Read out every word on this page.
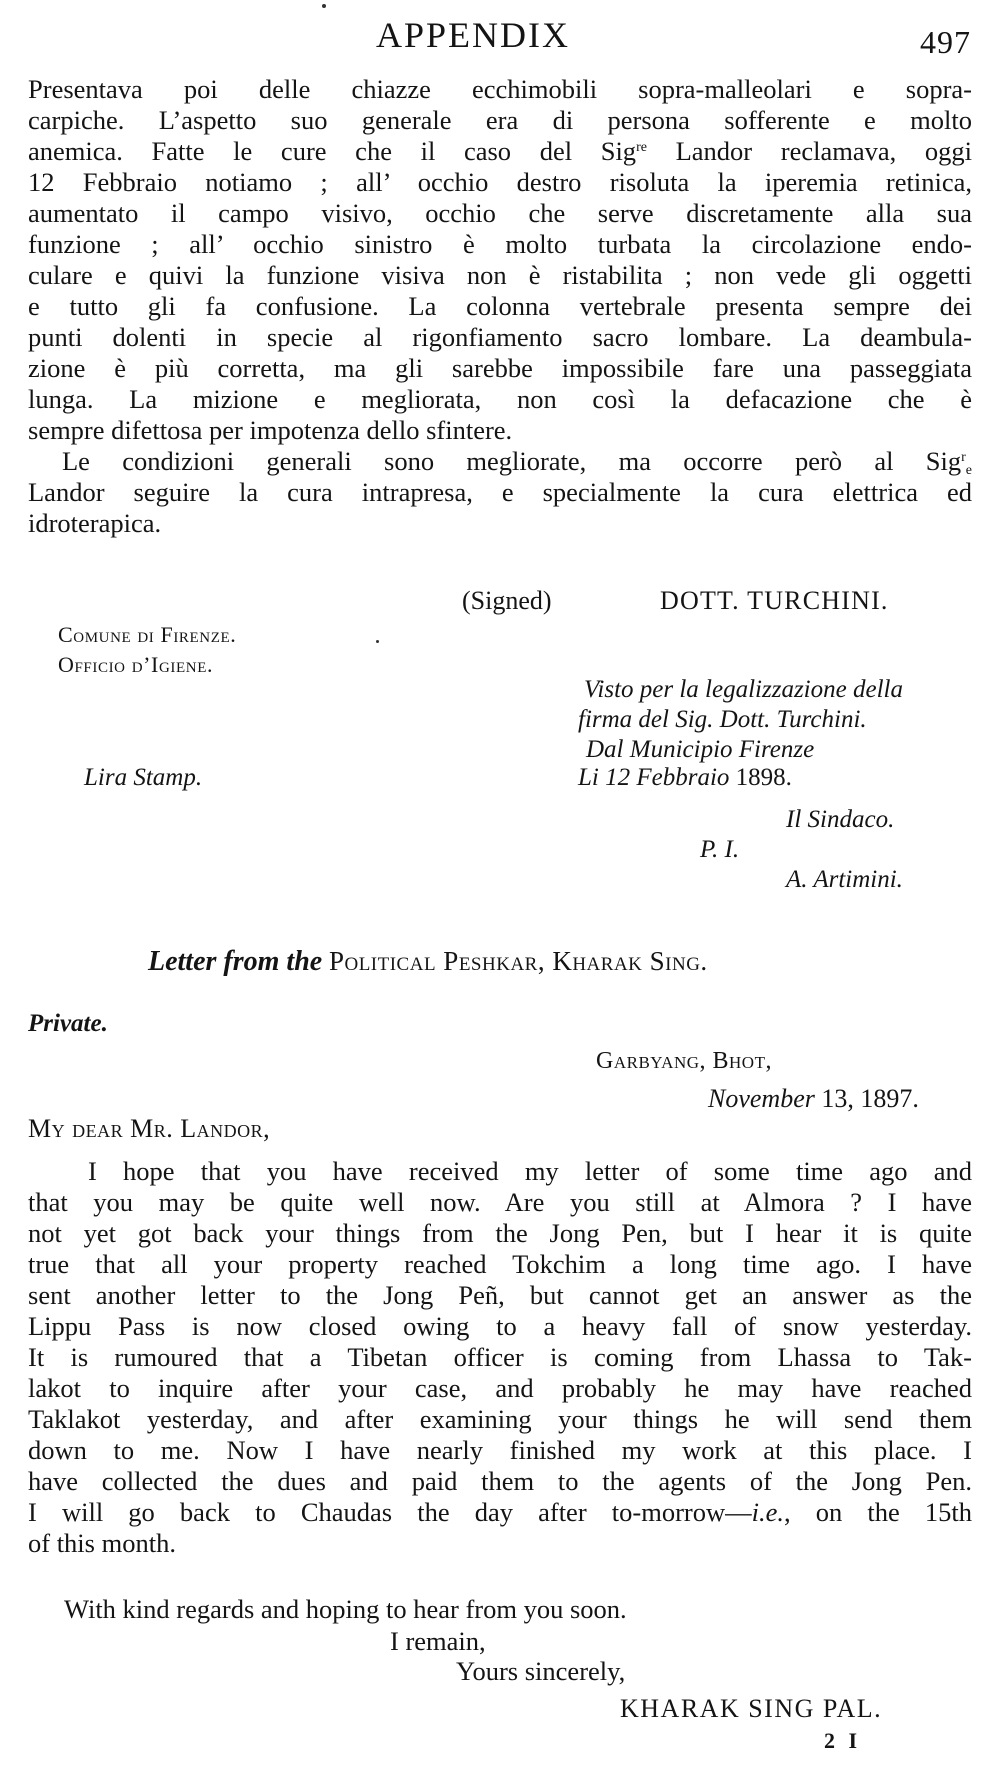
APPENDIX	497
Presentava poi delle chiazze ecchimobili sopra-malleolari e sopra-
carpiche. L’aspetto suo generale era di persona sofferente e molto
anemica. Fatte le cure che il caso del Sig$^{re}$ Landor reclamava, oggi
12 Febbraio notiamo ; all’ occhio destro risoluta la iperemia retinica,
aumentato il campo visivo, occhio che serve discretamente alla sua
funzione ; all’ occhio sinistro è molto turbata la circolazione endo-
culare e quivi la funzione visiva non è ristabilita ; non vede gli oggetti
e tutto gli fa confusione. La colonna vertebrale presenta sempre dei
punti dolenti in specie al rigonfiamento sacro lombare. La deambula-
zione è più corretta, ma gli sarebbe impossibile fare una passeggiata
lunga. La mizione e megliorata, non così la defacazione che è
sempre difettosa per impotenza dello sfintere.
Le condizioni generali sono megliorate, ma occorre però al Sig$^r_e$
Landor seguire la cura intrapresa, e specialmente la cura elettrica ed
idroterapica.
(Signed)	DOTT. TURCHINI.
Comune di Firenze.
Officio d’Igiene.
Visto per la legalizzazione della
firma del Sig. Dott. Turchini.
Dal Municipio Firenze
Li 12 Febbraio 1898.
Lira Stamp.
Il Sindaco.
P. I.
A. Artimini.
Letter from the Political Peshkar, Kharak Sing.
Private.
Garbyang, Bhot,
November 13, 1897.
My dear Mr. Landor,
I hope that you have received my letter of some time ago and
that you may be quite well now. Are you still at Almora ? I have
not yet got back your things from the Jong Pen, but I hear it is quite
true that all your property reached Tokchim a long time ago. I have
sent another letter to the Jong Peñ, but cannot get an answer as the
Lippu Pass is now closed owing to a heavy fall of snow yesterday.
It is rumoured that a Tibetan officer is coming from Lhassa to Tak-
lakot to inquire after your case, and probably he may have reached
Taklakot yesterday, and after examining your things he will send them
down to me. Now I have nearly finished my work at this place. I
have collected the dues and paid them to the agents of the Jong Pen.
I will go back to Chaudas the day after to-morrow—i.e., on the 15th
of this month.
With kind regards and hoping to hear from you soon.
I remain,
Yours sincerely,
KHARAK SING PAL.
2 I
